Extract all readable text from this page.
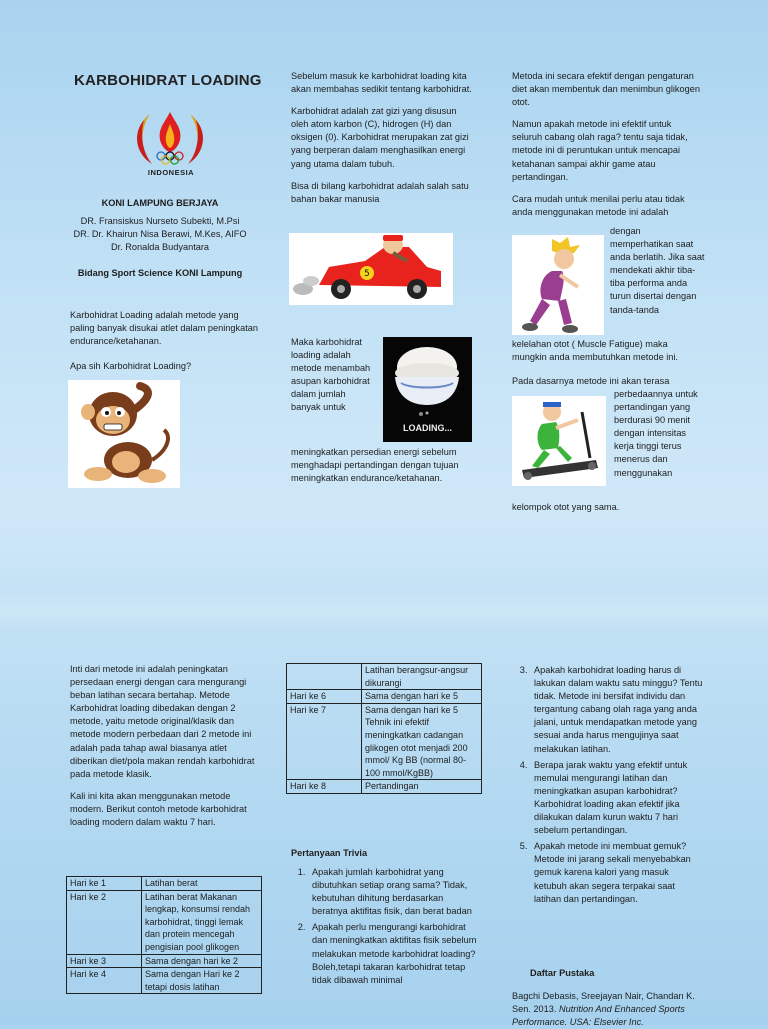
KARBOHIDRAT LOADING
INDONESIA
KONI LAMPUNG BERJAYA
DR. Fransiskus Nurseto Subekti, M.Psi
DR. Dr. Khairun Nisa Berawi, M.Kes, AIFO
Dr. Ronalda Budyantara
Bidang Sport Science KONI Lampung
Karbohidrat Loading adalah metode yang paling banyak disukai atlet dalam peningkatan endurance/ketahanan.
Apa sih Karbohidrat Loading?

Sebelum masuk ke karbohidrat loading kita akan membahas sedikit tentang karbohidrat.

Karbohidrat adalah zat gizi yang disusun oleh atom karbon (C), hidrogen (H) dan oksigen (0). Karbohidrat merupakan zat gizi yang berperan dalam menghasilkan energi yang utama dalam tubuh.

Bisa di bilang karbohidrat adalah salah satu bahan bakar manusia

5
Maka karbohidrat loading adalah metode menambah asupan karbohidrat dalam jumlah banyak untuk
LOADING...
meningkatkan persedian energi sebelum menghadapi pertandingan dengan tujuan meningkatkan endurance/ketahanan.

Metoda ini secara efektif dengan pengaturan diet akan membentuk dan menimbun glikogen otot.

Namun apakah metode ini efektif untuk seluruh cabang olah raga? tentu saja tidak, metode ini di peruntukan untuk mencapai ketahanan sampai akhir game atau pertandingan.

Cara mudah untuk menilai perlu atau tidak anda menggunakan metode ini adalah

dengan memperhatikan saat anda berlatih. Jika saat mendekati akhir tiba-tiba performa anda turun disertai dengan tanda-tanda
kelelahan otot ( Muscle Fatigue) maka mungkin anda membutuhkan metode ini.
Pada dasarnya metode ini akan terasa
perbedaannya untuk pertandingan yang berdurasi 90 menit dengan intensitas kerja tinggi terus menerus dan menggunakan
kelompok otot yang sama.

Inti dari metode ini adalah peningkatan persedaan energi dengan cara mengurangi beban latihan secara bertahap. Metode Karbohidrat loading dibedakan dengan 2 metode, yaitu metode original/klasik dan metode modern perbedaan dari 2 metode ini adalah pada tahap awal biasanya atlet diberikan diet/pola makan rendah karbohidrat pada metode klasik.

Kali ini kita akan menggunakan metode modern. Berikut contoh metode karbohidrat loading modern dalam waktu 7 hari.

Hari ke 1	Latihan berat
Hari ke 2	Latihan berat Makanan lengkap, konsumsi rendah karbohidrat, tinggi lemak dan protein mencegah pengisian pool glikogen
Hari ke 3	Sama dengan hari ke 2
Hari ke 4	Sama dengan Hari ke 2 tetapi dosis latihan
	Latihan berangsur-angsur dikurangi
Hari ke 6	Sama dengan hari ke 5
Hari ke 7	Sama dengan hari ke 5 Tehnik ini efektif meningkatkan cadangan glikogen otot menjadi 200 mmol/ Kg BB (normal 80-100 mmol/KgBB)
Hari ke 8	Pertandingan
Pertanyaan Trivia
1. Apakah jumlah karbohidrat yang dibutuhkan setiap orang sama? Tidak, kebutuhan dihitung berdasarkan beratnya aktifitas fisik, dan berat badan
2. Apakah perlu mengurangi karbohidrat dan meningkatkan aktifitas fisik sebelum melakukan metode karbohidrat loading? Boleh,tetapi takaran karbohidrat tetap tidak dibawah minimal
3. Apakah karbohidrat loading harus di lakukan dalam waktu satu minggu? Tentu tidak. Metode ini bersifat individu dan tergantung cabang olah raga yang anda jalani, untuk mendapatkan metode yang sesuai anda harus mengujinya saat melakukan latihan.
4. Berapa jarak waktu yang efektif untuk memulai mengurangi latihan dan meningkatkan asupan karbohidrat? Karbohidrat loading akan efektif jika dilakukan dalam kurun waktu 7 hari sebelum pertandingan.
5. Apakah metode ini membuat gemuk? Metode ini jarang sekali menyebabkan gemuk karena kalori yang masuk ketubuh akan segera terpakai saat latihan dan pertandingan.
Daftar Pustaka
Bagchi Debasis, Sreejayan Nair, Chandan K. Sen. 2013. Nutrition And Enhanced Sports Performance. USA: Elsevier Inc.
